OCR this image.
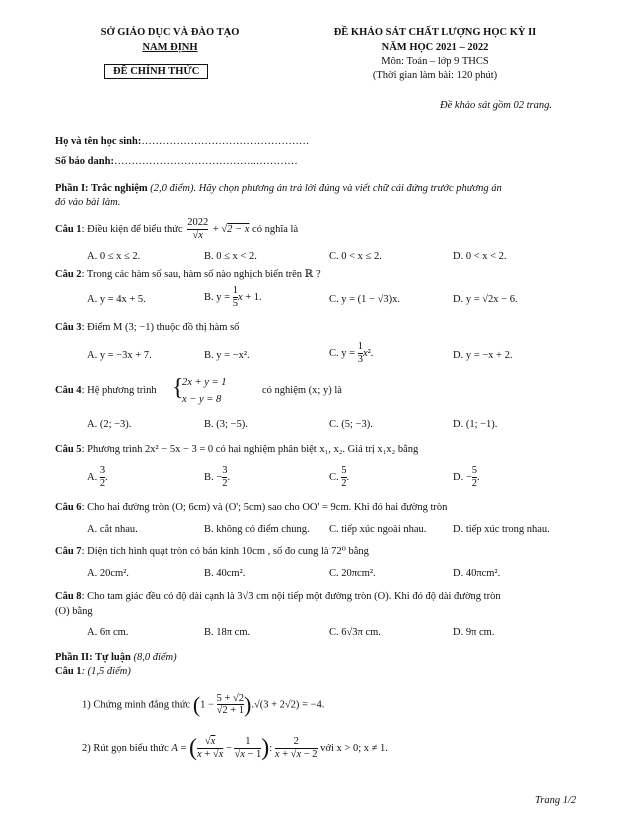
SỞ GIÁO DỤC VÀ ĐÀO TẠO
NAM ĐỊNH
ĐỀ CHÍNH THỨC
ĐỀ KHẢO SÁT CHẤT LƯỢNG HỌC KỲ II
NĂM HỌC 2021 – 2022
Môn: Toán – lớp 9 THCS
(Thời gian làm bài: 120 phút)
Đề khảo sát gồm 02 trang.
Họ và tên học sinh:…………………………………………
Số báo danh:…………………………………..…………
Phần I: Trắc nghiệm (2,0 điểm). Hãy chọn phương án trả lời đúng và viết chữ cái đứng trước phương án
đó vào bài làm.
Câu 1: Điều kiện để biểu thức $\frac{2022}{√x} + √2 - x$ có nghĩa là
A. 0 ≤ x ≤ 2.	B. 0 ≤ x < 2.	C. 0 < x ≤ 2.	D. 0 < x < 2.
Câu 2: Trong các hàm số sau, hàm số nào nghịch biến trên ℝ ?
A. y = 4x + 5.	B. $y = \frac{1}{5}$ x + 1.	C. y = (1 − √3)x.	D. y = √2x − 6.
Câu 3: Điểm M (3; −1) thuộc đồ thị hàm số
A. y = −3x + 7.	B. y = −x².	C. $y = \frac{1}{3} x^2$.	D. y = −x + 2.
Câu 4: Hệ phương trình {
2x + y = 1
x − y = 8
có nghiệm (x; y) là
A. (2; −3).	B. (3; −5).	C. (5; −3).	D. (1; −1).
Câu 5: Phương trình 2x² − 5x − 3 = 0 có hai nghiệm phân biệt x₁, x₂. Giá trị x₁x₂ bằng
A. $\frac{3}{2}$ .	B. − $\frac{3}{2}$ .	C. $\frac{5}{2}$ .	D. − $\frac{5}{2}$ .
Câu 6: Cho hai đường tròn (O; 6cm) và (O'; 5cm) sao cho OO' = 9cm. Khi đó hai đường tròn
A. cắt nhau.	B. không có điểm chung. C. tiếp xúc ngoài nhau.	D. tiếp xúc trong nhau.
Câu 7: Diện tích hình quạt tròn có bán kính 10cm , số đo cung là 72⁰ bằng
A. 20cm².	B. 40cm².	C. 20πcm².	D. 40πcm².
Câu 8: Cho tam giác đều có độ dài cạnh là 3√3 cm nội tiếp một đường tròn (O). Khi đó độ dài đường tròn
(O) bằng
A. 6π cm.	B. 18π cm.	C. 6√3π cm.	D. 9π cm.
Phần II: Tự luận (8,0 điểm)
Câu 1: (1,5 điểm)
1) Chứng minh đẳng thức $(1 - \frac{5 + √2}{√2 + 1} ).√(3 + 2√2) = -4$.
2) Rút gọn biểu thức A = ( $\frac{√x}{x + √x} - \frac{1}{√x - 1}$ ): $\frac{2}{x + √x - 2}$ với x > 0; x ≠ 1.
Trang 1/2
